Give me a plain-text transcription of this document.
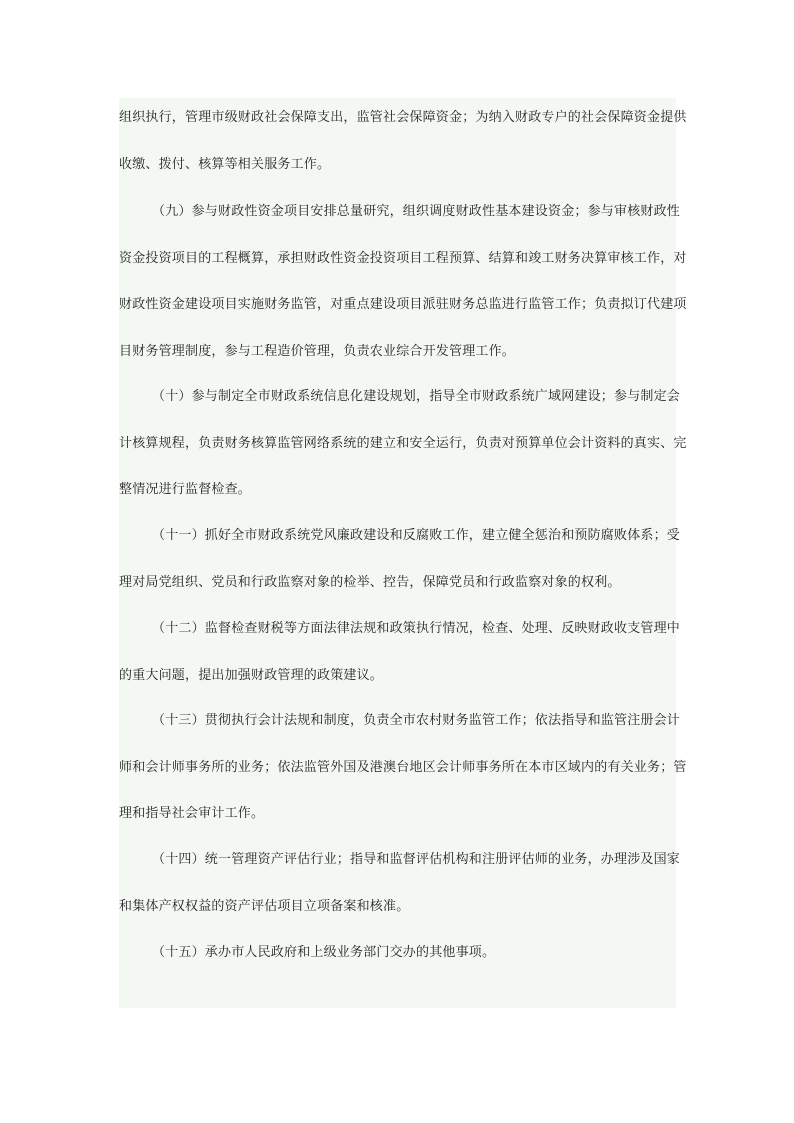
组织执行，管理市级财政社会保障支出，监管社会保障资金；为纳入财政专户的社会保障资金提供收缴、拨付、核算等相关服务工作。

（九）参与财政性资金项目安排总量研究，组织调度财政性基本建设资金；参与审核财政性资金投资项目的工程概算，承担财政性资金投资项目工程预算、结算和竣工财务决算审核工作，对财政性资金建设项目实施财务监管，对重点建设项目派驻财务总监进行监管工作；负责拟订代建项目财务管理制度，参与工程造价管理，负责农业综合开发管理工作。

（十）参与制定全市财政系统信息化建设规划，指导全市财政系统广域网建设；参与制定会计核算规程，负责财务核算监管网络系统的建立和安全运行，负责对预算单位会计资料的真实、完整情况进行监督检查。

（十一）抓好全市财政系统党风廉政建设和反腐败工作，建立健全惩治和预防腐败体系；受理对局党组织、党员和行政监察对象的检举、控告，保障党员和行政监察对象的权利。

（十二）监督检查财税等方面法律法规和政策执行情况，检查、处理、反映财政收支管理中的重大问题，提出加强财政管理的政策建议。

（十三）贯彻执行会计法规和制度，负责全市农村财务监管工作；依法指导和监管注册会计师和会计师事务所的业务；依法监管外国及港澳台地区会计师事务所在本市区域内的有关业务；管理和指导社会审计工作。

（十四）统一管理资产评估行业；指导和监督评估机构和注册评估师的业务，办理涉及国家和集体产权权益的资产评估项目立项备案和核准。

（十五）承办市人民政府和上级业务部门交办的其他事项。
